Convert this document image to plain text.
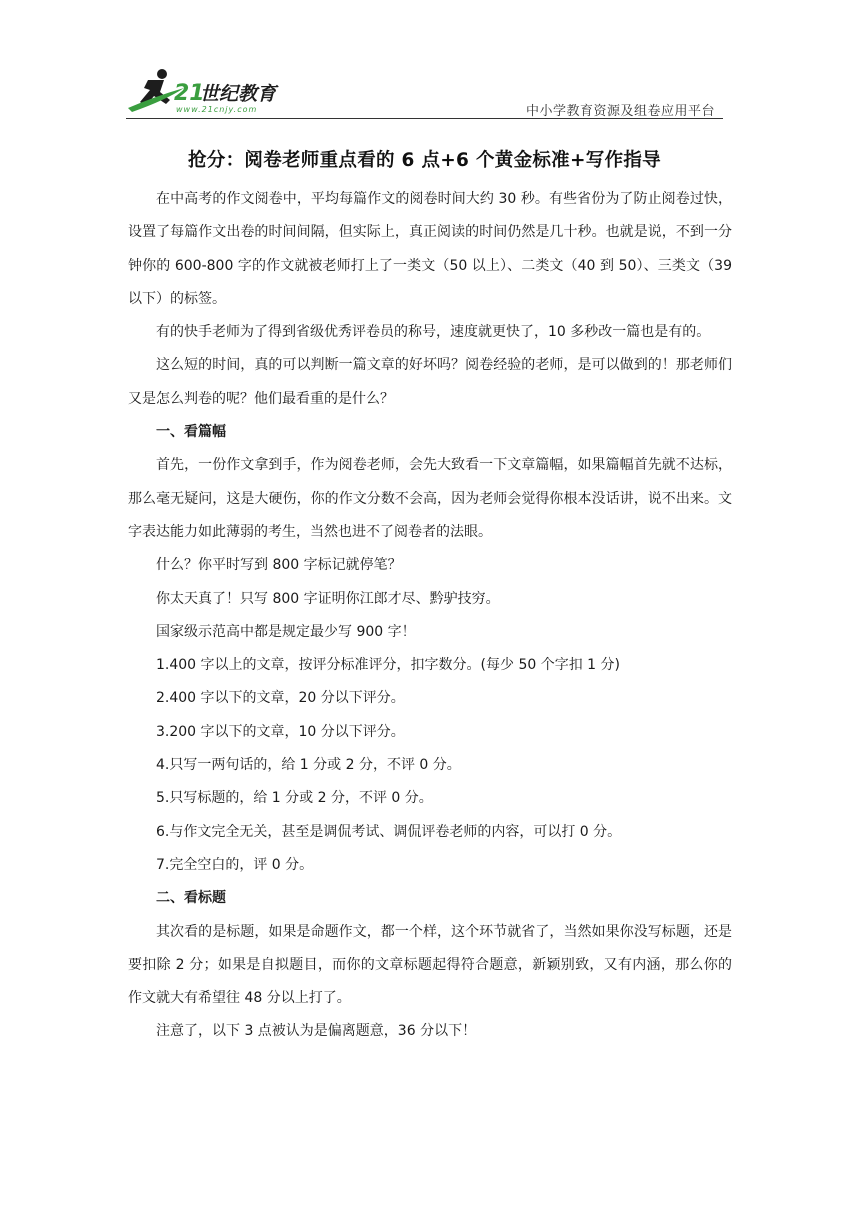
21
世纪教育
www.21cnjy.com	中小学教育资源及组卷应用平台
抢分：阅卷老师重点看的 6 点+6 个黄金标准+写作指导

在中高考的作文阅卷中，平均每篇作文的阅卷时间大约 30 秒。有些省份为了防止阅卷过快，设置了每篇作文出卷的时间间隔，但实际上，真正阅读的时间仍然是几十秒。也就是说，不到一分钟你的 600-800 字的作文就被老师打上了一类文（50 以上）、二类文（40 到 50）、三类文（39 以下）的标签。

有的快手老师为了得到省级优秀评卷员的称号，速度就更快了，10 多秒改一篇也是有的。

这么短的时间，真的可以判断一篇文章的好坏吗？阅卷经验的老师，是可以做到的！那老师们又是怎么判卷的呢？他们最看重的是什么？

一、看篇幅

首先，一份作文拿到手，作为阅卷老师，会先大致看一下文章篇幅，如果篇幅首先就不达标，那么毫无疑问，这是大硬伤，你的作文分数不会高，因为老师会觉得你根本没话讲，说不出来。文字表达能力如此薄弱的考生，当然也进不了阅卷者的法眼。

什么？你平时写到 800 字标记就停笔？

你太天真了！只写 800 字证明你江郎才尽、黔驴技穷。

国家级示范高中都是规定最少写 900 字！

1.400 字以上的文章，按评分标准评分，扣字数分。(每少 50 个字扣 1 分)

2.400 字以下的文章，20 分以下评分。

3.200 字以下的文章，10 分以下评分。

4.只写一两句话的，给 1 分或 2 分，不评 0 分。

5.只写标题的，给 1 分或 2 分，不评 0 分。

6.与作文完全无关，甚至是调侃考试、调侃评卷老师的内容，可以打 0 分。

7.完全空白的，评 0 分。

二、看标题

其次看的是标题，如果是命题作文，都一个样，这个环节就省了，当然如果你没写标题，还是要扣除 2 分；如果是自拟题目，而你的文章标题起得符合题意，新颖别致，又有内涵，那么你的作文就大有希望往 48 分以上打了。

注意了，以下 3 点被认为是偏离题意，36 分以下！
